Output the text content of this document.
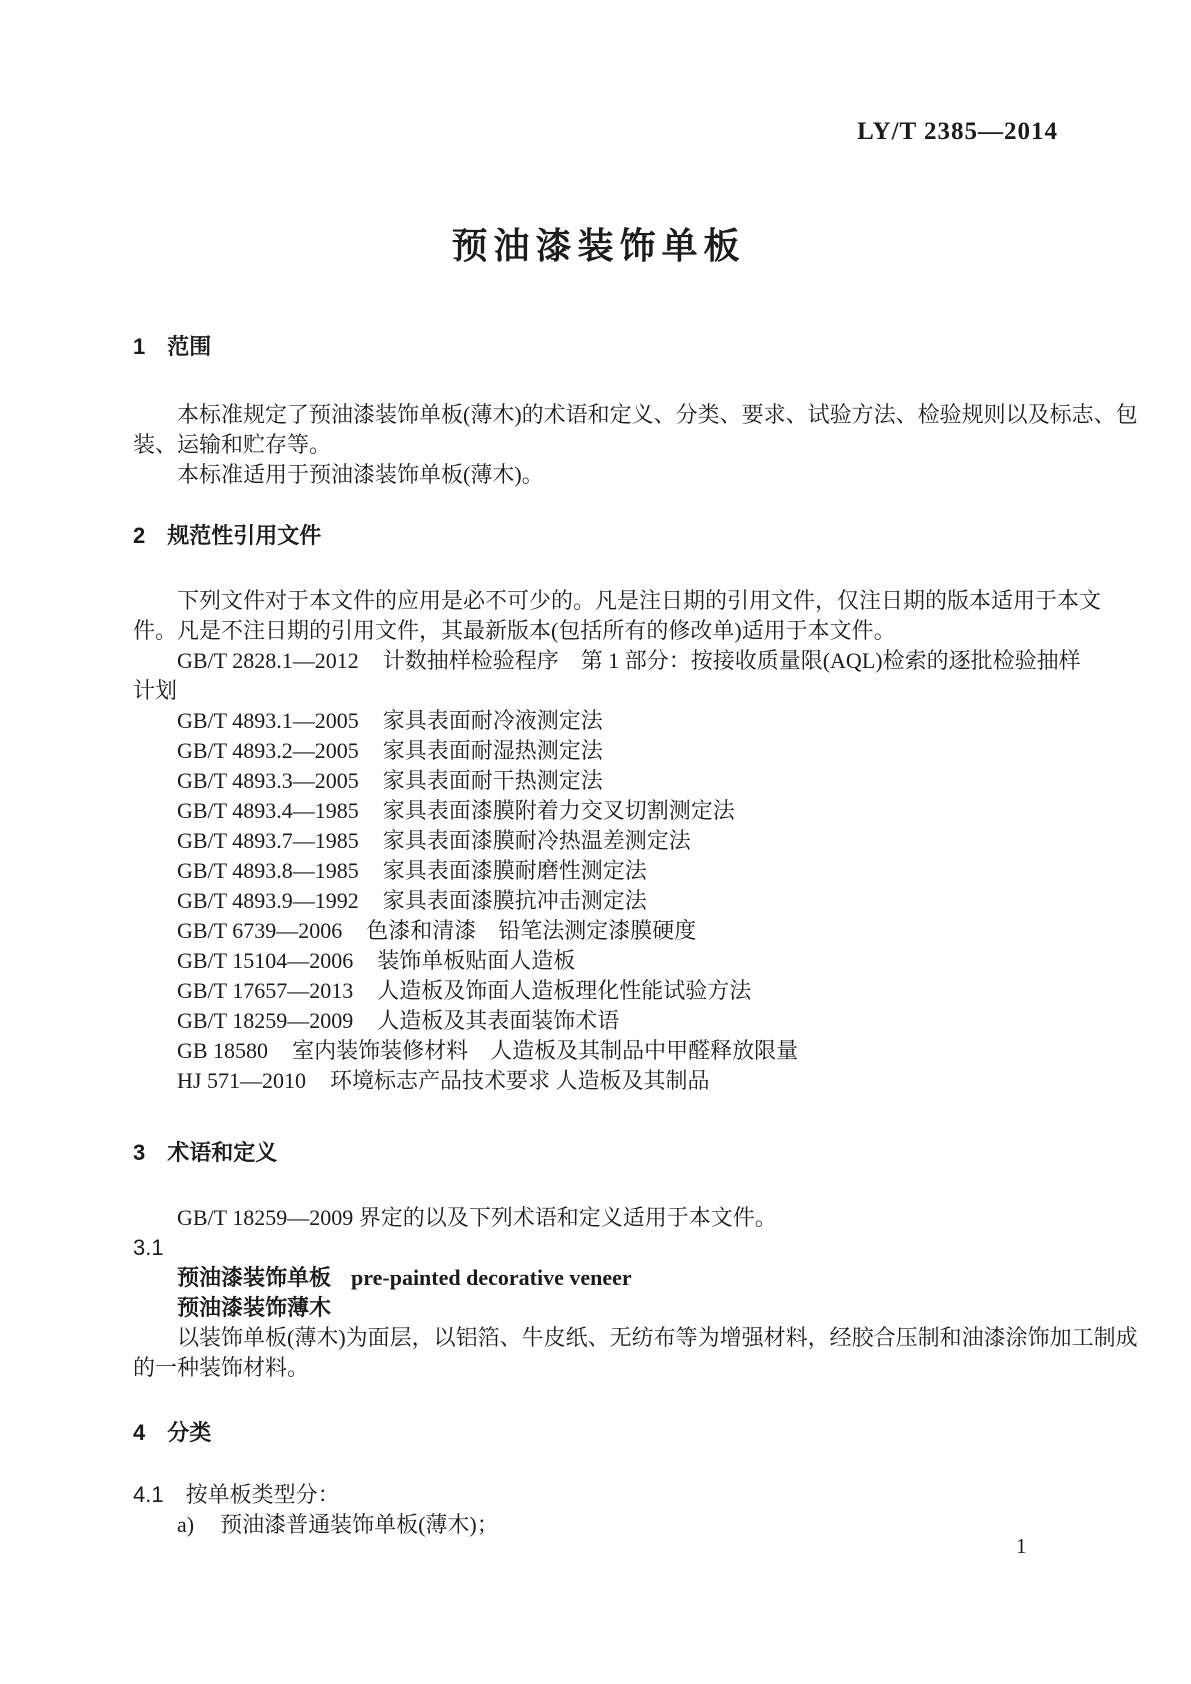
LY/T 2385—2014
预油漆装饰单板
1 范围
本标准规定了预油漆装饰单板(薄木)的术语和定义、分类、要求、试验方法、检验规则以及标志、包
装、运输和贮存等。
本标准适用于预油漆装饰单板(薄木)。
2 规范性引用文件
下列文件对于本文件的应用是必不可少的。凡是注日期的引用文件，仅注日期的版本适用于本文
件。凡是不注日期的引用文件，其最新版本(包括所有的修改单)适用于本文件。
GB/T 2828.1—2012 计数抽样检验程序　第 1 部分：按接收质量限(AQL)检索的逐批检验抽样
计划
GB/T 4893.1—2005 家具表面耐冷液测定法
GB/T 4893.2—2005 家具表面耐湿热测定法
GB/T 4893.3—2005 家具表面耐干热测定法
GB/T 4893.4—1985 家具表面漆膜附着力交叉切割测定法
GB/T 4893.7—1985 家具表面漆膜耐冷热温差测定法
GB/T 4893.8—1985 家具表面漆膜耐磨性测定法
GB/T 4893.9—1992 家具表面漆膜抗冲击测定法
GB/T 6739—2006 色漆和清漆　铅笔法测定漆膜硬度
GB/T 15104—2006 装饰单板贴面人造板
GB/T 17657—2013 人造板及饰面人造板理化性能试验方法
GB/T 18259—2009 人造板及其表面装饰术语
GB 18580 室内装饰装修材料　人造板及其制品中甲醛释放限量
HJ 571—2010 环境标志产品技术要求 人造板及其制品
3 术语和定义
GB/T 18259—2009 界定的以及下列术语和定义适用于本文件。
3.1
预油漆装饰单板 pre-painted decorative veneer
预油漆装饰薄木
以装饰单板(薄木)为面层，以铝箔、牛皮纸、无纺布等为增强材料，经胶合压制和油漆涂饰加工制成
的一种装饰材料。
4 分类
4.1 按单板类型分：
a) 预油漆普通装饰单板(薄木)；
1
